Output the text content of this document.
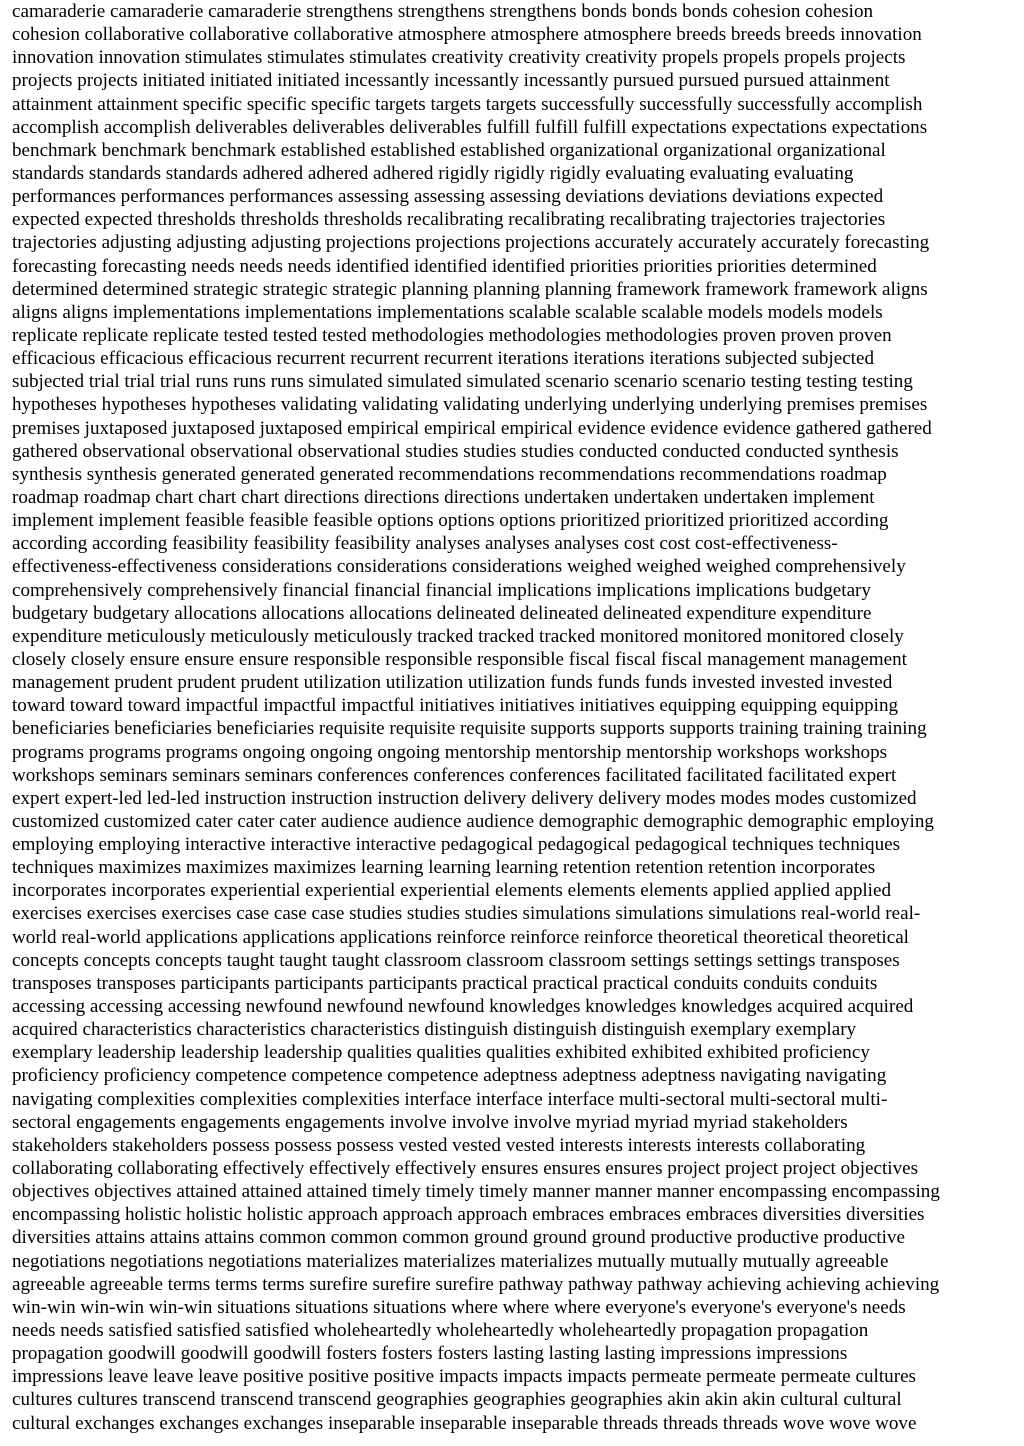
camaraderie camaraderie camaraderie strengthens strengthens strengthens bonds bonds bonds cohesion cohesion
cohesion collaborative collaborative collaborative atmosphere atmosphere atmosphere breeds breeds breeds innovation
innovation innovation stimulates stimulates stimulates creativity creativity creativity propels propels propels projects
projects projects initiated initiated initiated incessantly incessantly incessantly pursued pursued pursued attainment
attainment attainment specific specific specific targets targets targets successfully successfully successfully accomplish
accomplish accomplish deliverables deliverables deliverables fulfill fulfill fulfill expectations expectations expectations
benchmark benchmark benchmark established established established organizational organizational organizational
standards standards standards adhered adhered adhered rigidly rigidly rigidly evaluating evaluating evaluating
performances performances performances assessing assessing assessing deviations deviations deviations expected
expected expected thresholds thresholds thresholds recalibrating recalibrating recalibrating trajectories trajectories
trajectories adjusting adjusting adjusting projections projections projections accurately accurately accurately forecasting
forecasting forecasting needs needs needs identified identified identified priorities priorities priorities determined
determined determined strategic strategic strategic planning planning planning framework framework framework aligns
aligns aligns implementations implementations implementations scalable scalable scalable models models models
replicate replicate replicate tested tested tested methodologies methodologies methodologies proven proven proven
efficacious efficacious efficacious recurrent recurrent recurrent iterations iterations iterations subjected subjected
subjected trial trial trial runs runs runs simulated simulated simulated scenario scenario scenario testing testing testing
hypotheses hypotheses hypotheses validating validating validating underlying underlying underlying premises premises
premises juxtaposed juxtaposed juxtaposed empirical empirical empirical evidence evidence evidence gathered gathered
gathered observational observational observational studies studies studies conducted conducted conducted synthesis
synthesis synthesis generated generated generated recommendations recommendations recommendations roadmap
roadmap roadmap chart chart chart directions directions directions undertaken undertaken undertaken implement
implement implement feasible feasible feasible options options options prioritized prioritized prioritized according
according according feasibility feasibility feasibility analyses analyses analyses cost cost cost-effectiveness-
effectiveness-effectiveness considerations considerations considerations weighed weighed weighed comprehensively
comprehensively comprehensively financial financial financial implications implications implications budgetary
budgetary budgetary allocations allocations allocations delineated delineated delineated expenditure expenditure
expenditure meticulously meticulously meticulously tracked tracked tracked monitored monitored monitored closely
closely closely ensure ensure ensure responsible responsible responsible fiscal fiscal fiscal management management
management prudent prudent prudent utilization utilization utilization funds funds funds invested invested invested
toward toward toward impactful impactful impactful initiatives initiatives initiatives equipping equipping equipping
beneficiaries beneficiaries beneficiaries requisite requisite requisite supports supports supports training training training
programs programs programs ongoing ongoing ongoing mentorship mentorship mentorship workshops workshops
workshops seminars seminars seminars conferences conferences conferences facilitated facilitated facilitated expert
expert expert-led led-led instruction instruction instruction delivery delivery delivery modes modes modes customized
customized customized cater cater cater audience audience audience demographic demographic demographic employing
employing employing interactive interactive interactive pedagogical pedagogical pedagogical techniques techniques
techniques maximizes maximizes maximizes learning learning learning retention retention retention incorporates
incorporates incorporates experiential experiential experiential elements elements elements applied applied applied
exercises exercises exercises case case case studies studies studies simulations simulations simulations real-world real-
world real-world applications applications applications reinforce reinforce reinforce theoretical theoretical theoretical
concepts concepts concepts taught taught taught classroom classroom classroom settings settings settings transposes
transposes transposes participants participants participants practical practical practical conduits conduits conduits
accessing accessing accessing newfound newfound newfound knowledges knowledges knowledges acquired acquired
acquired characteristics characteristics characteristics distinguish distinguish distinguish exemplary exemplary
exemplary leadership leadership leadership qualities qualities qualities exhibited exhibited exhibited proficiency
proficiency proficiency competence competence competence adeptness adeptness adeptness navigating navigating
navigating complexities complexities complexities interface interface interface multi-sectoral multi-sectoral multi-
sectoral engagements engagements engagements involve involve involve myriad myriad myriad stakeholders
stakeholders stakeholders possess possess possess vested vested vested interests interests interests collaborating
collaborating collaborating effectively effectively effectively ensures ensures ensures project project project objectives
objectives objectives attained attained attained timely timely timely manner manner manner encompassing encompassing
encompassing holistic holistic holistic approach approach approach embraces embraces embraces diversities diversities
diversities attains attains attains common common common ground ground ground productive productive productive
negotiations negotiations negotiations materializes materializes materializes mutually mutually mutually agreeable
agreeable agreeable terms terms terms surefire surefire surefire pathway pathway pathway achieving achieving achieving
win-win win-win win-win situations situations situations where where where everyone's everyone's everyone's needs
needs needs satisfied satisfied satisfied wholeheartedly wholeheartedly wholeheartedly propagation propagation
propagation goodwill goodwill goodwill fosters fosters fosters lasting lasting lasting impressions impressions
impressions leave leave leave positive positive positive impacts impacts impacts permeate permeate permeate cultures
cultures cultures transcend transcend transcend geographies geographies geographies akin akin akin cultural cultural
cultural exchanges exchanges exchanges inseparable inseparable inseparable threads threads threads wove wove wove
